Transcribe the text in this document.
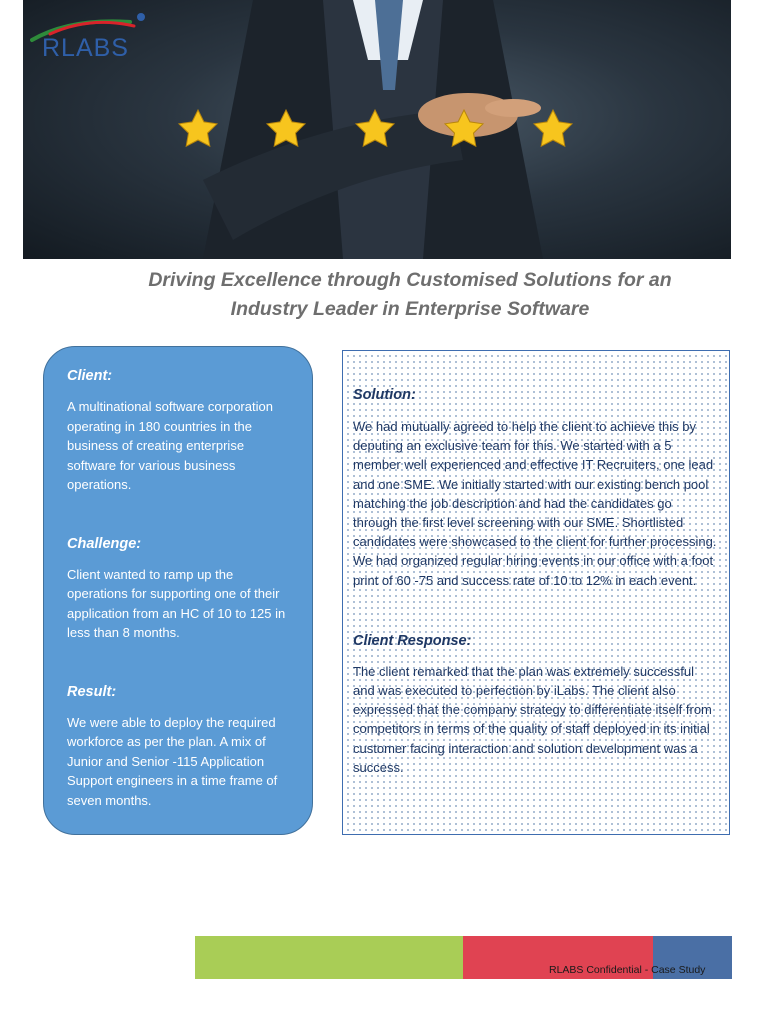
RLABS
Driving Excellence through Customised Solutions for an
Industry Leader in Enterprise Software
Client:

A multinational software corporation operating in 180 countries in the business of creating enterprise software for various business operations.

Challenge:

Client wanted to ramp up the operations for supporting one of their application from an HC of 10 to 125 in less than 8 months.

Result:

We were able to deploy the required workforce as per the plan. A mix of Junior and Senior -115 Application Support engineers in a time frame of seven months.

Solution:

We had mutually agreed to help the client to achieve this by deputing an exclusive team for this. We started with a 5 member well experienced and effective IT Recruiters, one lead and one SME. We initially started with our existing bench pool matching the job description and had the candidates go through the first level screening with our SME. Shortlisted candidates were showcased to the client for further processing. We had organized regular hiring events in our office with a foot print of 60 -75 and success rate of 10 to 12% in each event.

Client Response:

The client remarked that the plan was extremely successful and was executed to perfection by iLabs. The client also expressed that the company strategy to differentiate itself from competitors in terms of the quality of staff deployed in its initial customer facing interaction and solution development was a success.

RLABS Confidential - Case Study
